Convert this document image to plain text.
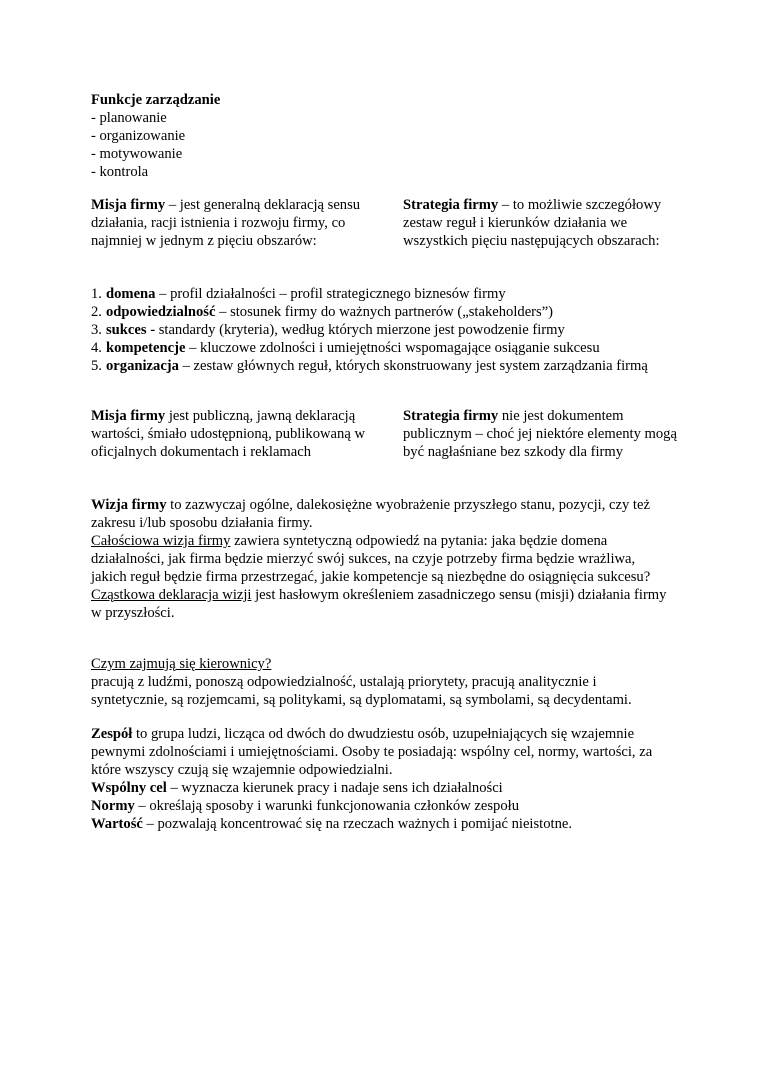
Funkcje zarządzanie

- planowanie

- organizowanie

- motywowanie

- kontrola

Misja firmy – jest generalną deklaracją sensu działania, racji istnienia i rozwoju firmy, co najmniej w jednym z pięciu obszarów:

Strategia firmy – to możliwie szczegółowy zestaw reguł i kierunków działania we wszystkich pięciu następujących obszarach:

1. domena – profil działalności – profil strategicznego biznesów firmy
2. odpowiedzialność – stosunek firmy do ważnych partnerów („stakeholders”)
3. sukces - standardy (kryteria), według których mierzone jest powodzenie firmy
4. kompetencje – kluczowe zdolności i umiejętności wspomagające osiąganie sukcesu
5. organizacja – zestaw głównych reguł, których skonstruowany jest system zarządzania firmą

Misja firmy jest publiczną, jawną deklaracją wartości, śmiało udostępnioną, publikowaną w oficjalnych dokumentach i reklamach

Strategia firmy nie jest dokumentem publicznym – choć jej niektóre elementy mogą być nagłaśniane bez szkody dla firmy

Wizja firmy to zazwyczaj ogólne, dalekosiężne wyobrażenie przyszłego stanu, pozycji, czy też zakresu i/lub sposobu działania firmy.

Całościowa wizja firmy zawiera syntetyczną odpowiedź na pytania: jaka będzie domena działalności, jak firma będzie mierzyć swój sukces, na czyje potrzeby firma będzie wrażliwa, jakich reguł będzie firma przestrzegać, jakie kompetencje są niezbędne do osiągnięcia sukcesu?

Cząstkowa deklaracja wizji jest hasłowym określeniem zasadniczego sensu (misji) działania firmy w przyszłości.

Czym zajmują się kierownicy?

pracują z ludźmi, ponoszą odpowiedzialność, ustalają priorytety, pracują analitycznie i syntetycznie, są rozjemcami, są politykami, są dyplomatami, są symbolami, są decydentami.

Zespół to grupa ludzi, licząca od dwóch do dwudziestu osób, uzupełniających się wzajemnie pewnymi zdolnościami i umiejętnościami. Osoby te posiadają: wspólny cel, normy, wartości, za które wszyscy czują się wzajemnie odpowiedzialni.

Wspólny cel – wyznacza kierunek pracy i nadaje sens ich działalności

Normy – określają sposoby i warunki funkcjonowania członków zespołu

Wartość – pozwalają koncentrować się na rzeczach ważnych i pomijać nieistotne.
